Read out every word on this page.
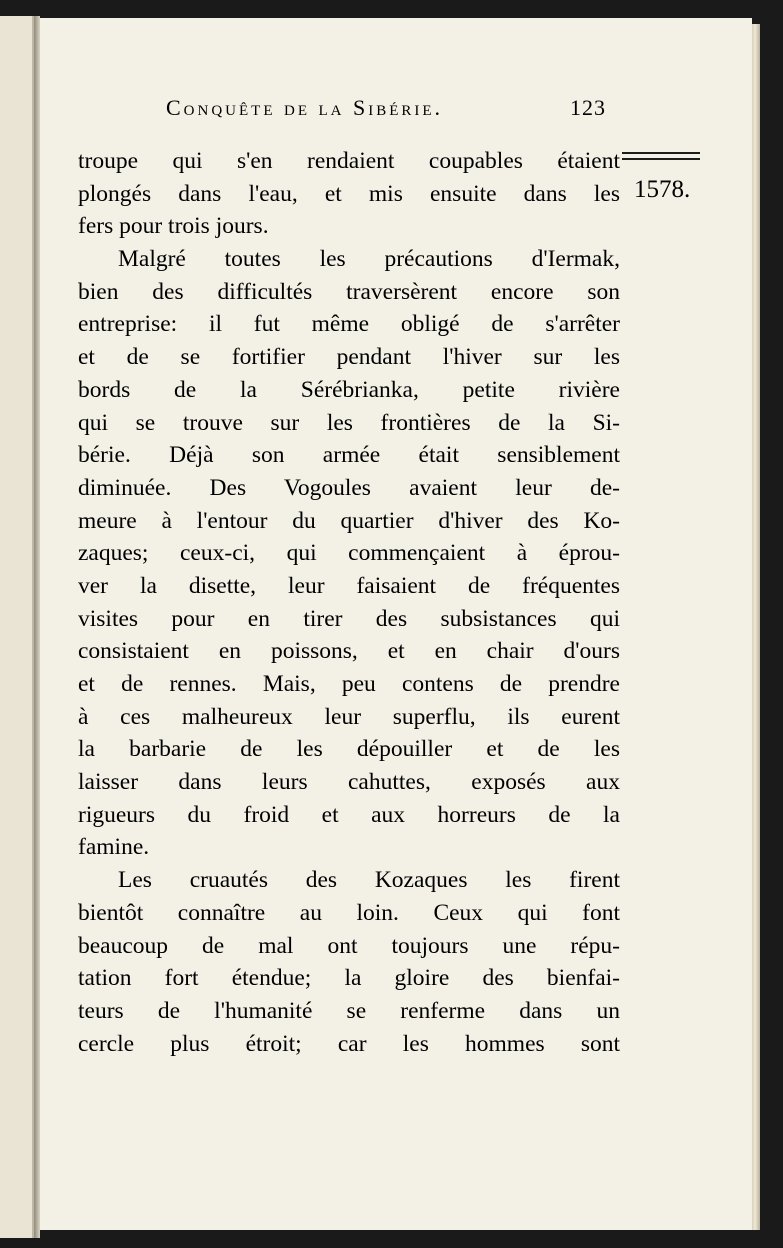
Conquête de la Sibérie.	123
1578.
troupe qui s'en rendaient coupables étaient
plongés dans l'eau, et mis ensuite dans les
fers pour trois jours.
Malgré toutes les précautions d'Iermak,
bien des difficultés traversèrent encore son
entreprise: il fut même obligé de s'arrêter
et de se fortifier pendant l'hiver sur les
bords de la Sérébrianka, petite rivière
qui se trouve sur les frontières de la Si-
bérie. Déjà son armée était sensiblement
diminuée. Des Vogoules avaient leur de-
meure à l'entour du quartier d'hiver des Ko-
zaques; ceux-ci, qui commençaient à éprou-
ver la disette, leur faisaient de fréquentes
visites pour en tirer des subsistances qui
consistaient en poissons, et en chair d'ours
et de rennes. Mais, peu contens de prendre
à ces malheureux leur superflu, ils eurent
la barbarie de les dépouiller et de les
laisser dans leurs cahuttes, exposés aux
rigueurs du froid et aux horreurs de la
famine.
Les cruautés des Kozaques les firent
bientôt connaître au loin. Ceux qui font
beaucoup de mal ont toujours une répu-
tation fort étendue; la gloire des bienfai-
teurs de l'humanité se renferme dans un
cercle plus étroit; car les hommes sont
